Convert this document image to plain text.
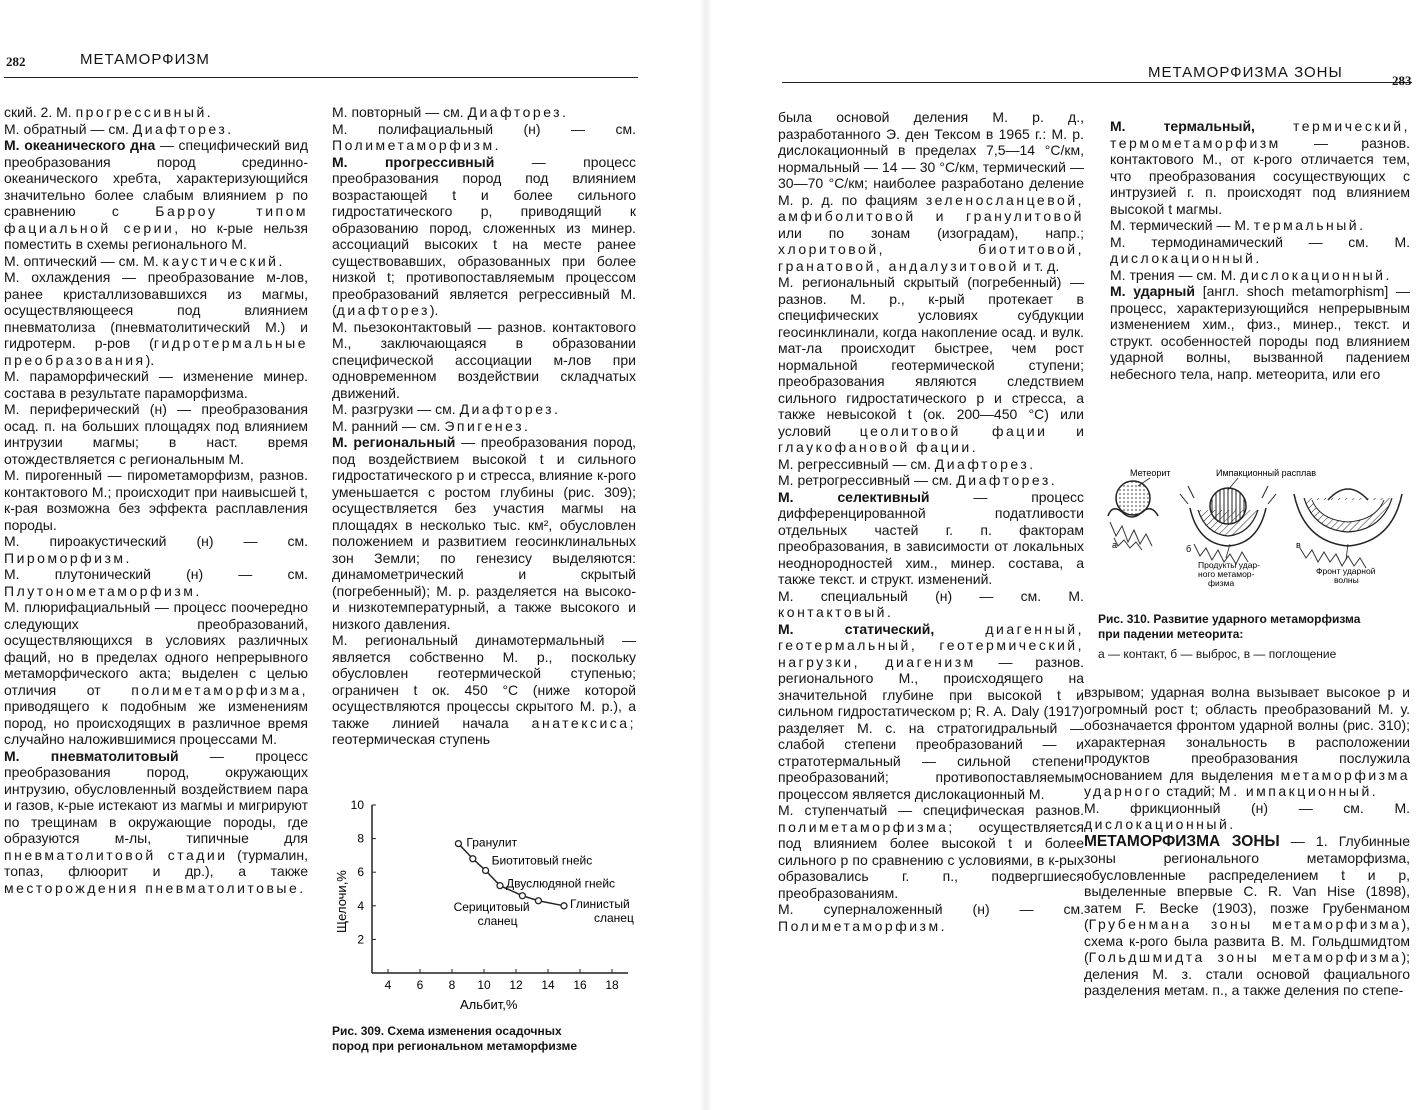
282	МЕТАМОРФИЗМ

ский. 2. М. прогрессивный.

М. обратный — см. Диафторез.

М. океанического дна — специфический вид преобразования пород срединно-океанического хребта, характеризующийся значительно более слабым влиянием p по сравнению с Барроу типом фациальной серии, но к-рые нельзя поместить в схемы регионального М.

М. оптический — см. М. каустический.

М. охлаждения — преобразование м-лов, ранее кристаллизовавшихся из магмы, осуществляющееся под влиянием пневматолиза (пневматолитический М.) и гидротерм. р-ров (гидротермальные преобразования).

М. параморфический — изменение минер. состава в результате параморфизма.

М. периферический (н) — преобразования осад. п. на больших площадях под влиянием интрузии магмы; в наст. время отождествляется с региональным М.

М. пирогенный — пирометаморфизм, разнов. контактового М.; происходит при наивысшей t, к-рая возможна без эффекта расплавления породы.

М. пироакустический (н) — см. Пироморфизм.

М. плутонический (н) — см. Плутонометаморфизм.

М. плюрифациальный — процесс поочередно следующих преобразований, осуществляющихся в условиях различных фаций, но в пределах одного непрерывного метаморфического акта; выделен с целью отличия от полиметаморфизма, приводящего к подобным же изменениям пород, но происходящих в различное время случайно наложившимися процессами М.

М. пневматолитовый — процесс преобразования пород, окружающих интрузию, обусловленный воздействием пара и газов, к-рые истекают из магмы и мигрируют по трещинам в окружающие породы, где образуются м-лы, типичные для пневматолитовой стадии (турмалин, топаз, флюорит и др.), а также месторождения пневматолитовые.

М. повторный — см. Диафторез.

М. полифациальный (н) — см. Полиметаморфизм.

М. прогрессивный — процесс преобразования пород под влиянием возрастающей t и более сильного гидростатического p, приводящий к образованию пород, сложенных из минер. ассоциаций высоких t на месте ранее существовавших, образованных при более низкой t; противопоставляемым процессом преобразований является регрессивный М. (диафторез).

М. пьезоконтактовый — разнов. контактового М., заключающаяся в образовании специфической ассоциации м-лов при одновременном воздействии складчатых движений.

М. разгрузки — см. Диафторез.

М. ранний — см. Эпигенез.

М. региональный — преобразования пород, под воздействием высокой t и сильного гидростатического p и стресса, влияние к-рого уменьшается с ростом глубины (рис. 309); осуществляется без участия магмы на площадях в несколько тыс. км², обусловлен положением и развитием геосинклинальных зон Земли; по генезису выделяются: динамометрический и скрытый (погребенный); М. р. разделяется на высоко- и низкотемпературный, а также высокого и низкого давления.

М. региональный динамотермальный — является собственно М. р., поскольку обусловлен геотермической ступенью; ограничен t ок. 450 °С (ниже которой осуществляются процессы скрытого М. р.), а также линией начала анатексиса; геотермическая ступень

4 6 8 10 12 14 16 18
2
4
6
8
10
Альбит,%
Щелочи,%
Гранулит
Биотитовый гнейс
Двуслюдяной гнейс
Серицитовый
сланец
Глинистый
сланец
Рис. 309. Схема изменения осадочных
пород при региональном метаморфизме
МЕТАМОРФИЗМА ЗОНЫ	283

была основой деления М. р. д., разработанного Э. ден Тексом в 1965 г.: М. р. дислокационный в пределах 7,5—14 °С/км, нормальный — 14 — 30 °С/км, термический — 30—70 °С/км; наиболее разработано деление М. р. д. по фациям зеленосланцевой, амфиболитовой и гранулитовой или по зонам (изоградам), напр.; хлоритовой, биотитовой, гранатовой, андалузитовой и т. д.

М. региональный скрытый (погребенный) — разнов. М. р., к-рый протекает в специфических условиях субдукции геосинклинали, когда накопление осад. и вулк. мат-ла происходит быстрее, чем рост нормальной геотермической ступени; преобразования являются следствием сильного гидростатического p и стресса, а также невысокой t (ок. 200—450 °С) или условий цеолитовой фации и глаукофановой фации.

М. регрессивный — см. Диафторез.

М. ретрогрессивный — см. Диафторез.

М. селективный — процесс дифференцированной податливости отдельных частей г. п. факторам преобразования, в зависимости от локальных неоднородностей хим., минер. состава, а также текст. и структ. изменений.

М. специальный (н) — см. М. контактовый.

М. статический,	диагенный, геотермальный, геотермический, нагрузки, диагенизм — разнов. регионального М., происходящего на значительной глубине при высокой t и сильном гидростатическом p; R. A. Daly (1917) разделяет М. с. на стратогидральный — слабой степени преобразований — и стратотермальный — сильной степени преобразований; противопоставляемым процессом является дислокационный М.

М. ступенчатый — специфическая разнов. полиметаморфизма; осуществляется под влиянием более высокой t и более сильного p по сравнению с условиями, в к-рых образовались г. п., подвергшиеся преобразованиям.

М. суперналоженный (н) — см. Полиметаморфизм.

М. термальный,	термический, термометаморфизм — разнов. контактового М., от к-рого отличается тем, что преобразования сосуществующих с интрузией г. п. происходят под влиянием высокой t магмы.

М. термический — М. термальный.

М. термодинамический — см. М. дислокационный.

М. трения — см. М. дислокационный.

М. ударный [англ. shoch metamorphism] — процесс, характеризующийся непрерывным изменением хим., физ., минер., текст. и структ. особенностей породы под влиянием ударной волны, вызванной падением небесного тела, напр. метеорита, или его

Метеорит	Импакционный расплав
а	б	в
Продукты удар-
ного метамор-
физма
Фронт ударной
волны
Рис. 310. Развитие ударного метаморфизма
при падении метеорита:
а — контакт, б — выброс, в — поглощение

взрывом; ударная волна вызывает высокое p и огромный рост t; область преобразований М. у. обозначается фронтом ударной волны (рис. 310); характерная зональность в расположении продуктов преобразования послужила основанием для выделения метаморфизма ударного стадий; М. импакционный.

М. фрикционный (н) — см. М. дислокационный.

МЕТАМОРФИЗМА ЗОНЫ — 1. Глубинные зоны регионального метаморфизма, обусловленные распределением t и p, выделенные впервые C. R. Van Hise (1898), затем F. Becke (1903), позже Грубенманом (Грубенмана зоны метаморфизма), схема к-рого была развита В. М. Гольдшмидтом (Гольдшмидта зоны метаморфизма); деления М. з. стали основой фациального разделения метам. п., а также деления по степе-
